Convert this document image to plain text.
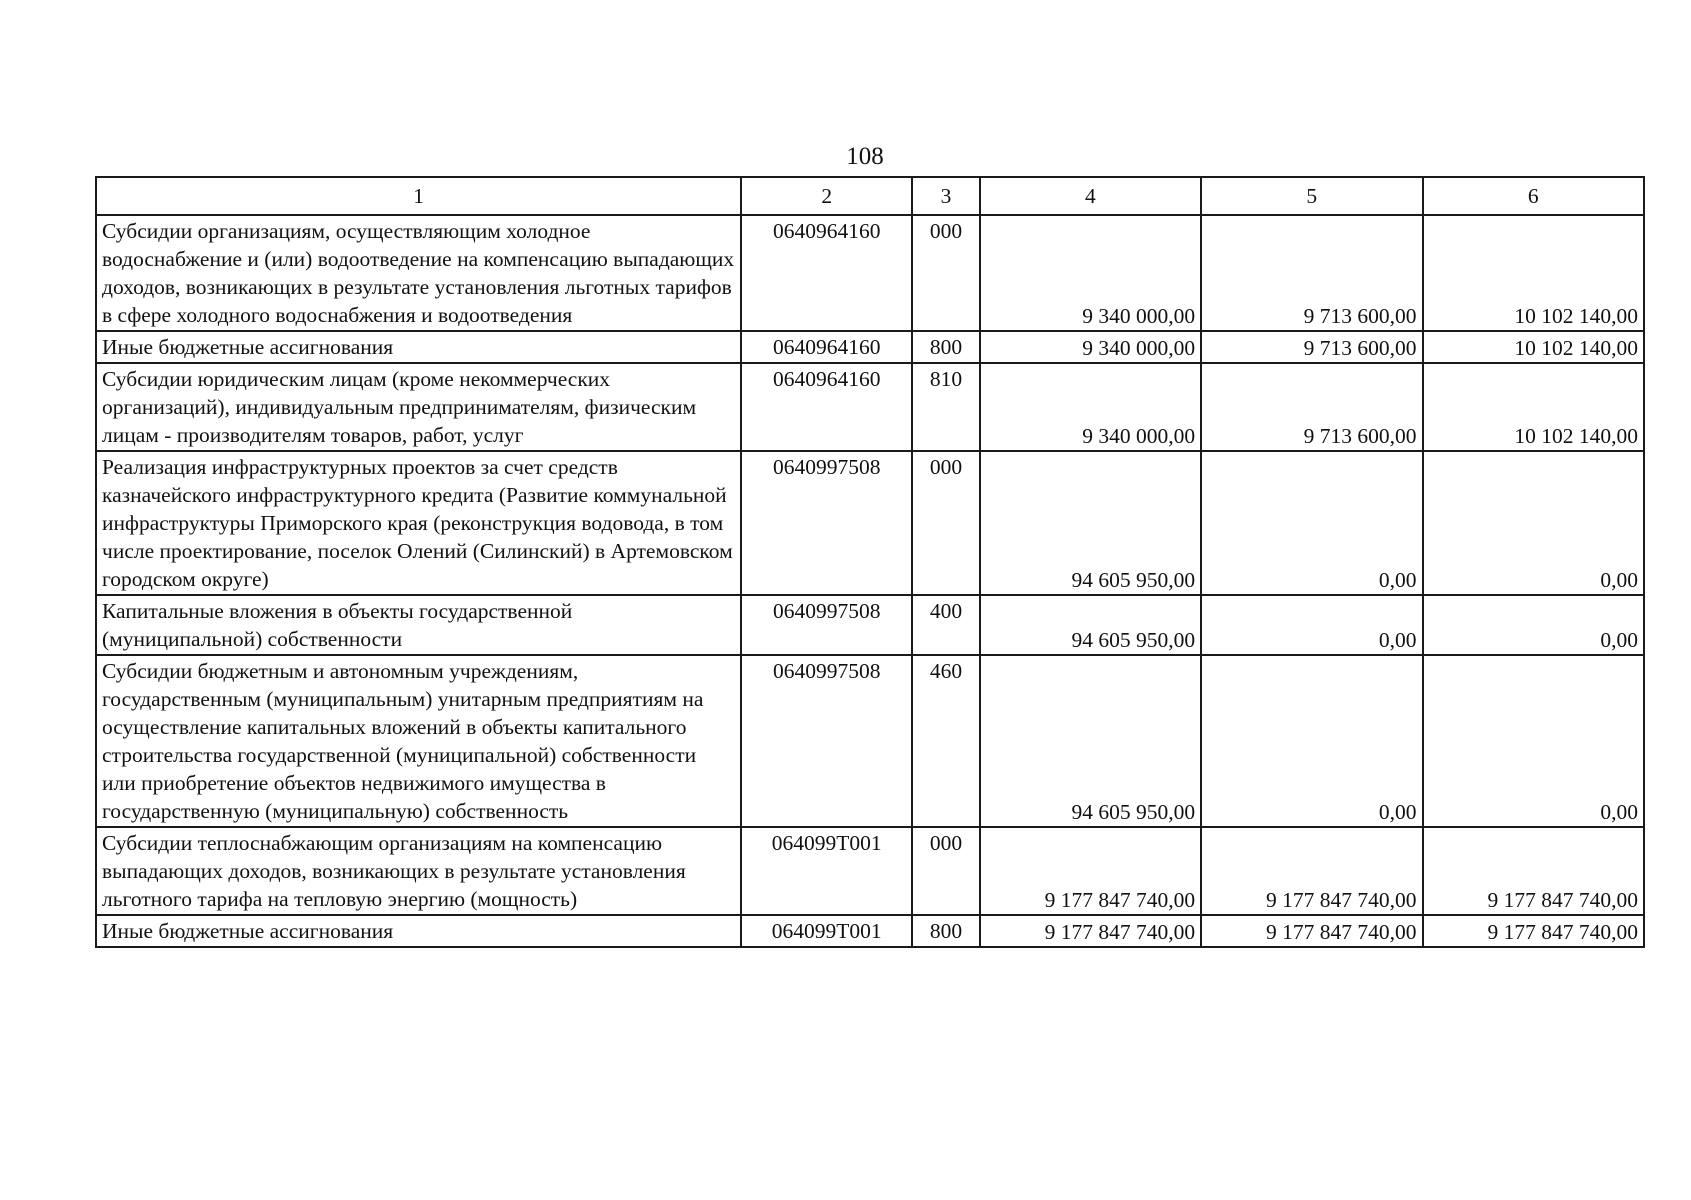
108
1	2	3	4	5	6
Субсидии организациям, осуществляющим холодное водоснабжение и (или) водоотведение на компенсацию выпадающих доходов, возникающих в результате установления льготных тарифов в сфере холодного водоснабжения и водоотведения	0640964160	000	9 340 000,00	9 713 600,00	10 102 140,00
Иные бюджетные ассигнования	0640964160	800	9 340 000,00	9 713 600,00	10 102 140,00
Субсидии юридическим лицам (кроме некоммерческих организаций), индивидуальным предпринимателям, физическим лицам - производителям товаров, работ, услуг	0640964160	810	9 340 000,00	9 713 600,00	10 102 140,00
Реализация инфраструктурных проектов за счет средств казначейского инфраструктурного кредита (Развитие коммунальной инфраструктуры Приморского края (реконструкция водовода, в том числе проектирование, поселок Олений (Силинский) в Артемовском городском округе)	0640997508	000	94 605 950,00	0,00	0,00
Капитальные вложения в объекты государственной (муниципальной) собственности	0640997508	400	94 605 950,00	0,00	0,00
Субсидии бюджетным и автономным учреждениям, государственным (муниципальным) унитарным предприятиям на осуществление капитальных вложений в объекты капитального строительства государственной (муниципальной) собственности или приобретение объектов недвижимого имущества в государственную (муниципальную) собственность	0640997508	460	94 605 950,00	0,00	0,00
Субсидии теплоснабжающим организациям на компенсацию выпадающих доходов, возникающих в результате установления льготного тарифа на тепловую энергию (мощность)	064099Т001	000	9 177 847 740,00	9 177 847 740,00	9 177 847 740,00
Иные бюджетные ассигнования	064099Т001	800	9 177 847 740,00	9 177 847 740,00	9 177 847 740,00
